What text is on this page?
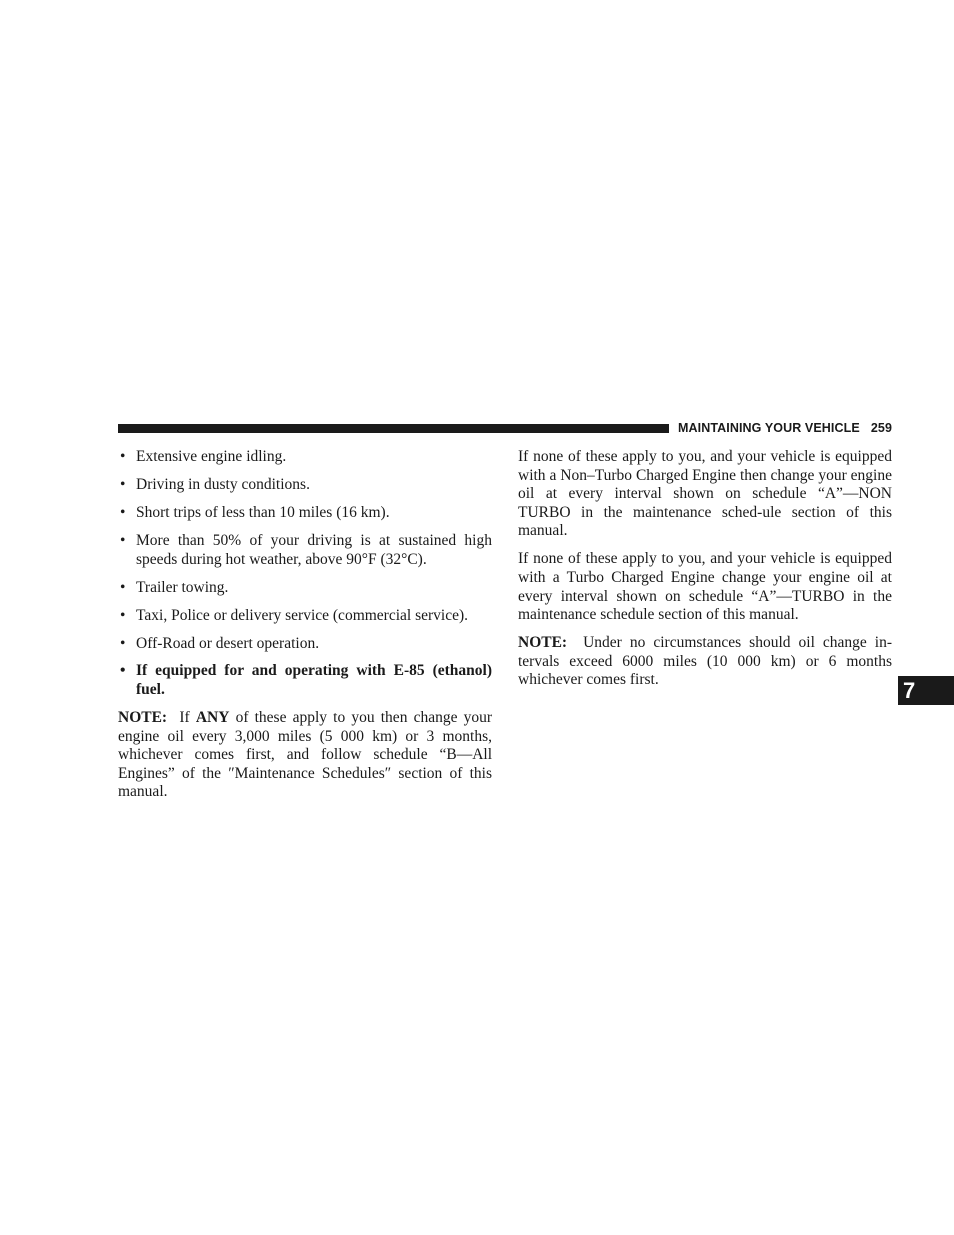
MAINTAINING YOUR VEHICLE 259
• Extensive engine idling.
• Driving in dusty conditions.
• Short trips of less than 10 miles (16 km).
• More than 50% of your driving is at sustained high speeds during hot weather, above 90°F (32°C).
• Trailer towing.
• Taxi, Police or delivery service (commercial service).
• Off-Road or desert operation.
• If equipped for and operating with E-85 (ethanol) fuel.

NOTE: If ANY of these apply to you then change your engine oil every 3,000 miles (5 000 km) or 3 months, whichever comes first, and follow schedule “B—All Engines” of the ″Maintenance Schedules″ section of this manual.

If none of these apply to you, and your vehicle is equipped with a Non–Turbo Charged Engine then change your engine oil at every interval shown on schedule “A”—NON TURBO in the maintenance sched-ule section of this manual.

If none of these apply to you, and your vehicle is equipped with a Turbo Charged Engine change your engine oil at every interval shown on schedule “A”—TURBO in the maintenance schedule section of this manual.

NOTE: Under no circumstances should oil change in-tervals exceed 6000 miles (10 000 km) or 6 months whichever comes first.	7
